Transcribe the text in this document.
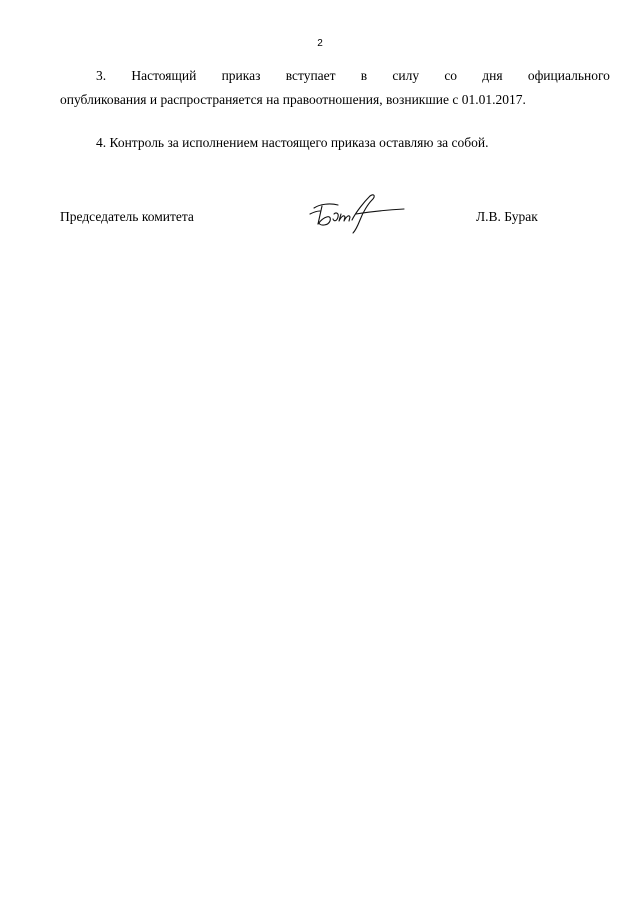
2
3. Настоящий приказ вступает в силу со дня официального
опубликования и распространяется на правоотношения, возникшие с 01.01.2017.
4. Контроль за исполнением настоящего приказа оставляю за собой.
Председатель комитета	Л.В. Бурак
